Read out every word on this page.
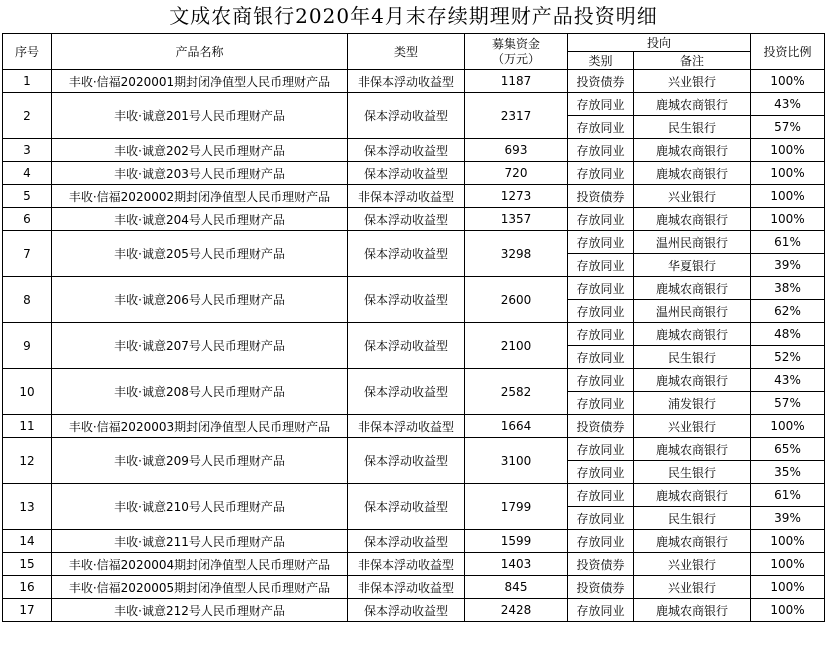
文成农商银行2020年4月末存续期理财产品投资明细
序号	产品名称	类型	募集资金
（万元）	投向		投资比例
				类别	备注	
1	丰收·信福2020001期封闭净值型人民币理财产品	非保本浮动收益型	1187	投资债券	兴业银行	100%
2	丰收·诚意201号人民币理财产品	保本浮动收益型	2317	存放同业	鹿城农商银行	43%
				存放同业	民生银行	57%
3	丰收·诚意202号人民币理财产品	保本浮动收益型	693	存放同业	鹿城农商银行	100%
4	丰收·诚意203号人民币理财产品	保本浮动收益型	720	存放同业	鹿城农商银行	100%
5	丰收·信福2020002期封闭净值型人民币理财产品	非保本浮动收益型	1273	投资债券	兴业银行	100%
6	丰收·诚意204号人民币理财产品	保本浮动收益型	1357	存放同业	鹿城农商银行	100%
7	丰收·诚意205号人民币理财产品	保本浮动收益型	3298	存放同业	温州民商银行	61%
				存放同业	华夏银行	39%
8	丰收·诚意206号人民币理财产品	保本浮动收益型	2600	存放同业	鹿城农商银行	38%
				存放同业	温州民商银行	62%
9	丰收·诚意207号人民币理财产品	保本浮动收益型	2100	存放同业	鹿城农商银行	48%
				存放同业	民生银行	52%
10	丰收·诚意208号人民币理财产品	保本浮动收益型	2582	存放同业	鹿城农商银行	43%
				存放同业	浦发银行	57%
11	丰收·信福2020003期封闭净值型人民币理财产品	非保本浮动收益型	1664	投资债券	兴业银行	100%
12	丰收·诚意209号人民币理财产品	保本浮动收益型	3100	存放同业	鹿城农商银行	65%
				存放同业	民生银行	35%
13	丰收·诚意210号人民币理财产品	保本浮动收益型	1799	存放同业	鹿城农商银行	61%
				存放同业	民生银行	39%
14	丰收·诚意211号人民币理财产品	保本浮动收益型	1599	存放同业	鹿城农商银行	100%
15	丰收·信福2020004期封闭净值型人民币理财产品	非保本浮动收益型	1403	投资债券	兴业银行	100%
16	丰收·信福2020005期封闭净值型人民币理财产品	非保本浮动收益型	845	投资债券	兴业银行	100%
17	丰收·诚意212号人民币理财产品	保本浮动收益型	2428	存放同业	鹿城农商银行	100%
